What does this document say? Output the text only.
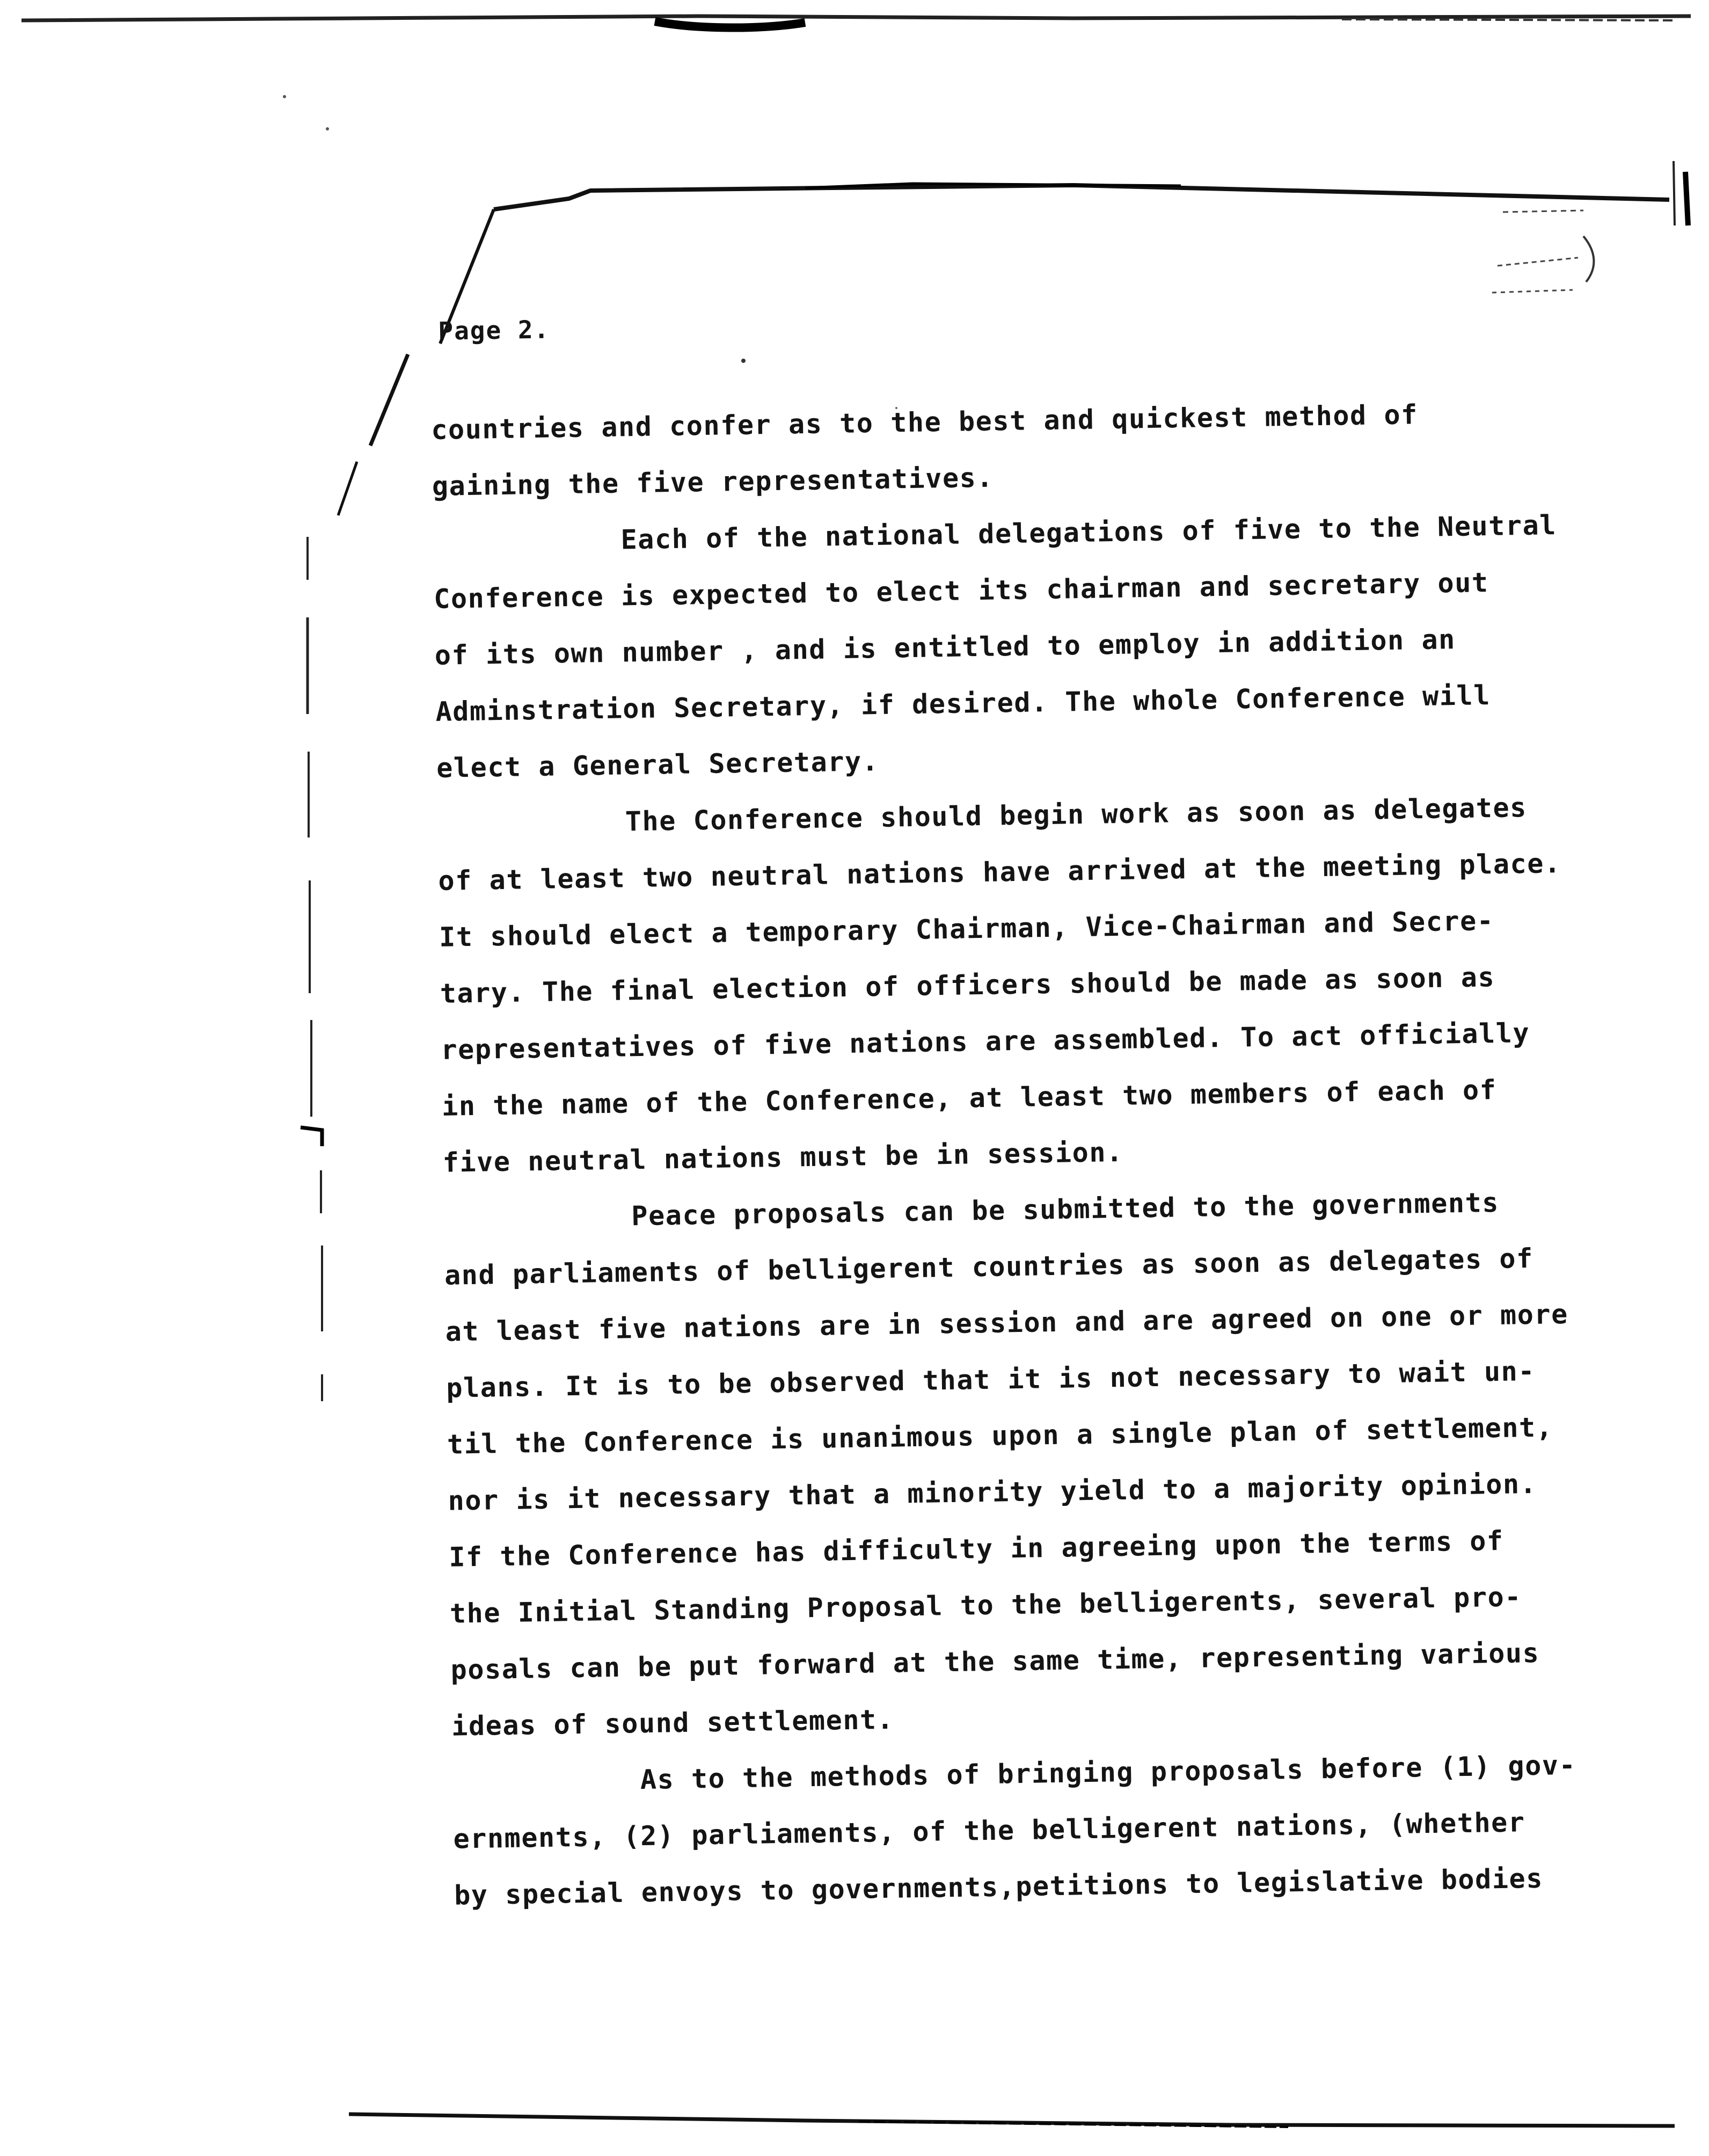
Page 2.

countries and confer as to the best and quickest method of
gaining the five representatives.

Each of the national delegations of five to the Neutral
Conference is expected to elect its chairman and secretary out
of its own number , and is entitled to employ in addition an
Adminstration Secretary, if desired. The whole Conference will
elect a General Secretary.

The Conference should begin work as soon as delegates
of at least two neutral nations have arrived at the meeting place.
It should elect a temporary Chairman, Vice-Chairman and Secre-
tary. The final election of officers should be made as soon as
representatives of five nations are assembled. To act officially
in the name of the Conference, at least two members of each of
five neutral nations must be in session.

Peace proposals can be submitted to the governments
and parliaments of belligerent countries as soon as delegates of
at least five nations are in session and are agreed on one or more
plans. It is to be observed that it is not necessary to wait un-
til the Conference is unanimous upon a single plan of settlement,
nor is it necessary that a minority yield to a majority opinion.
If the Conference has difficulty in agreeing upon the terms of
the Initial Standing Proposal to the belligerents, several pro-
posals can be put forward at the same time, representing various
ideas of sound settlement.

As to the methods of bringing proposals before (1) gov-
ernments, (2) parliaments, of the belligerent nations, (whether
by special envoys to governments,petitions to legislative bodies
